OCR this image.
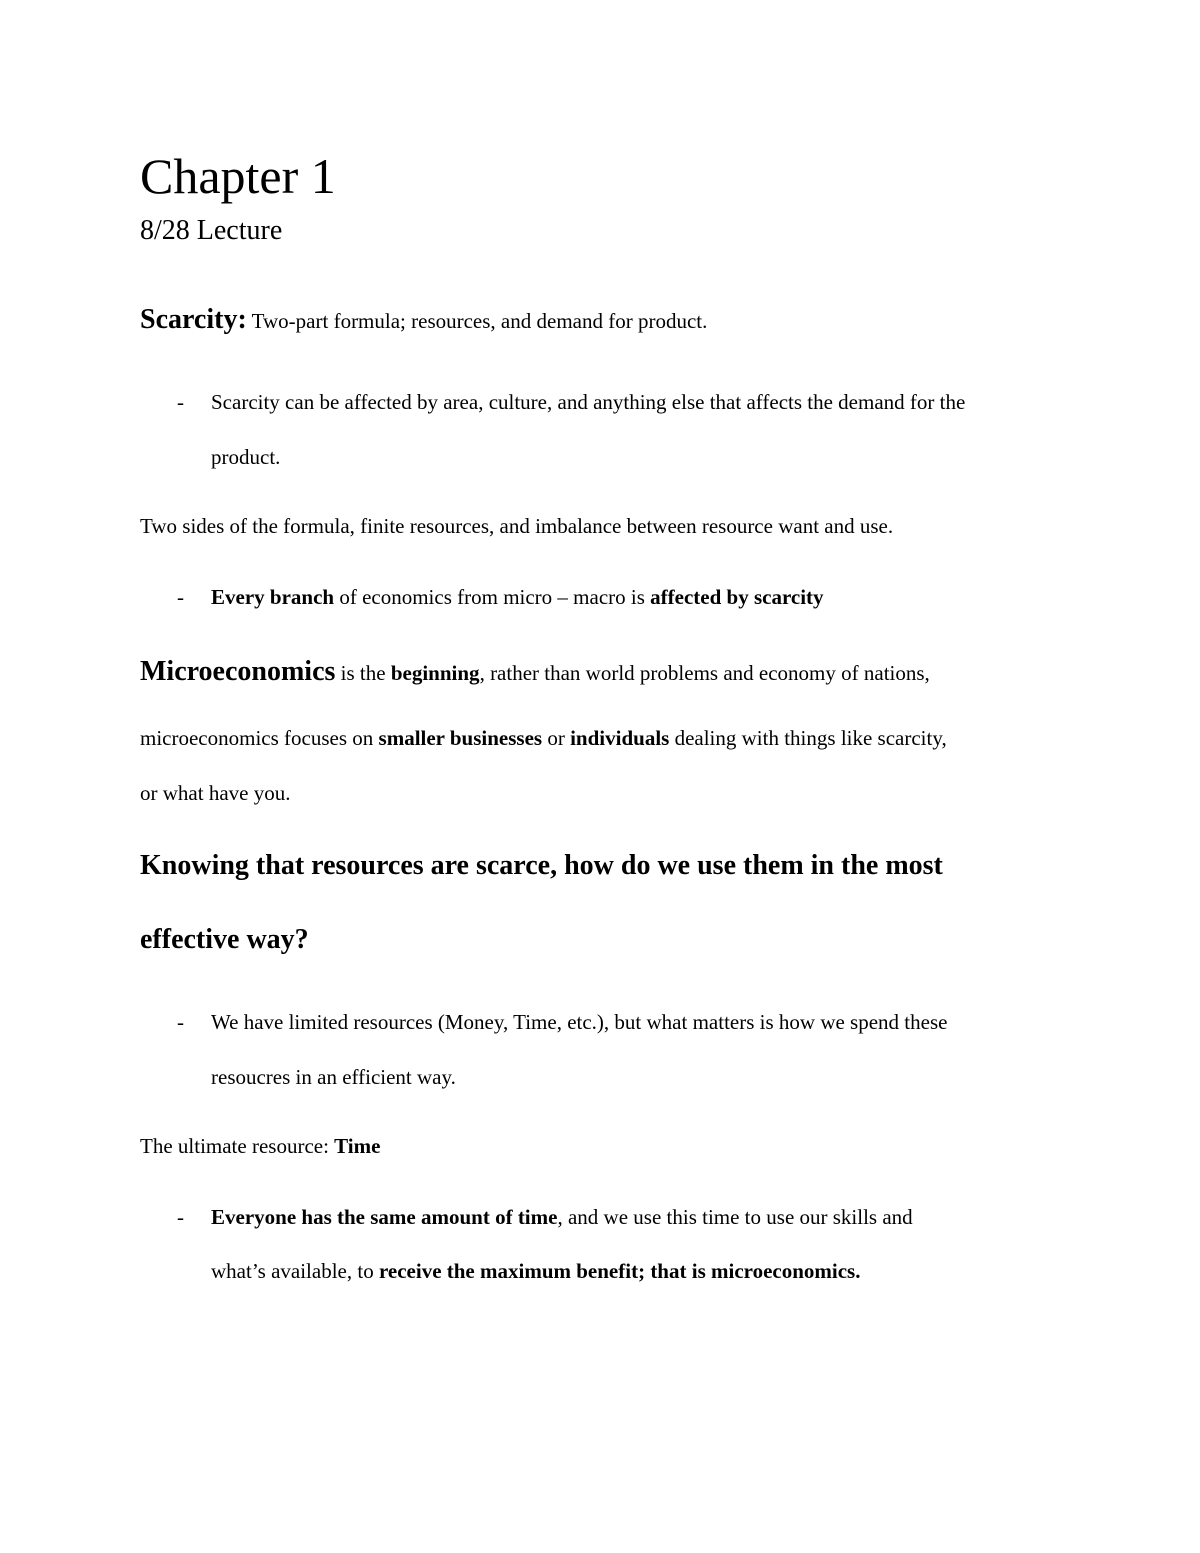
Chapter 1
8/28 Lecture
Scarcity: Two-part formula; resources, and demand for product.
- Scarcity can be affected by area, culture, and anything else that affects the demand for the
product.
Two sides of the formula, finite resources, and imbalance between resource want and use.
- Every branch of economics from micro – macro is affected by scarcity
Microeconomics is the beginning, rather than world problems and economy of nations,
microeconomics focuses on smaller businesses or individuals dealing with things like scarcity,
or what have you.
Knowing that resources are scarce, how do we use them in the most
effective way?
- We have limited resources (Money, Time, etc.), but what matters is how we spend these
resoucres in an efficient way.
The ultimate resource: Time
- Everyone has the same amount of time, and we use this time to use our skills and
what’s available, to receive the maximum benefit; that is microeconomics.
